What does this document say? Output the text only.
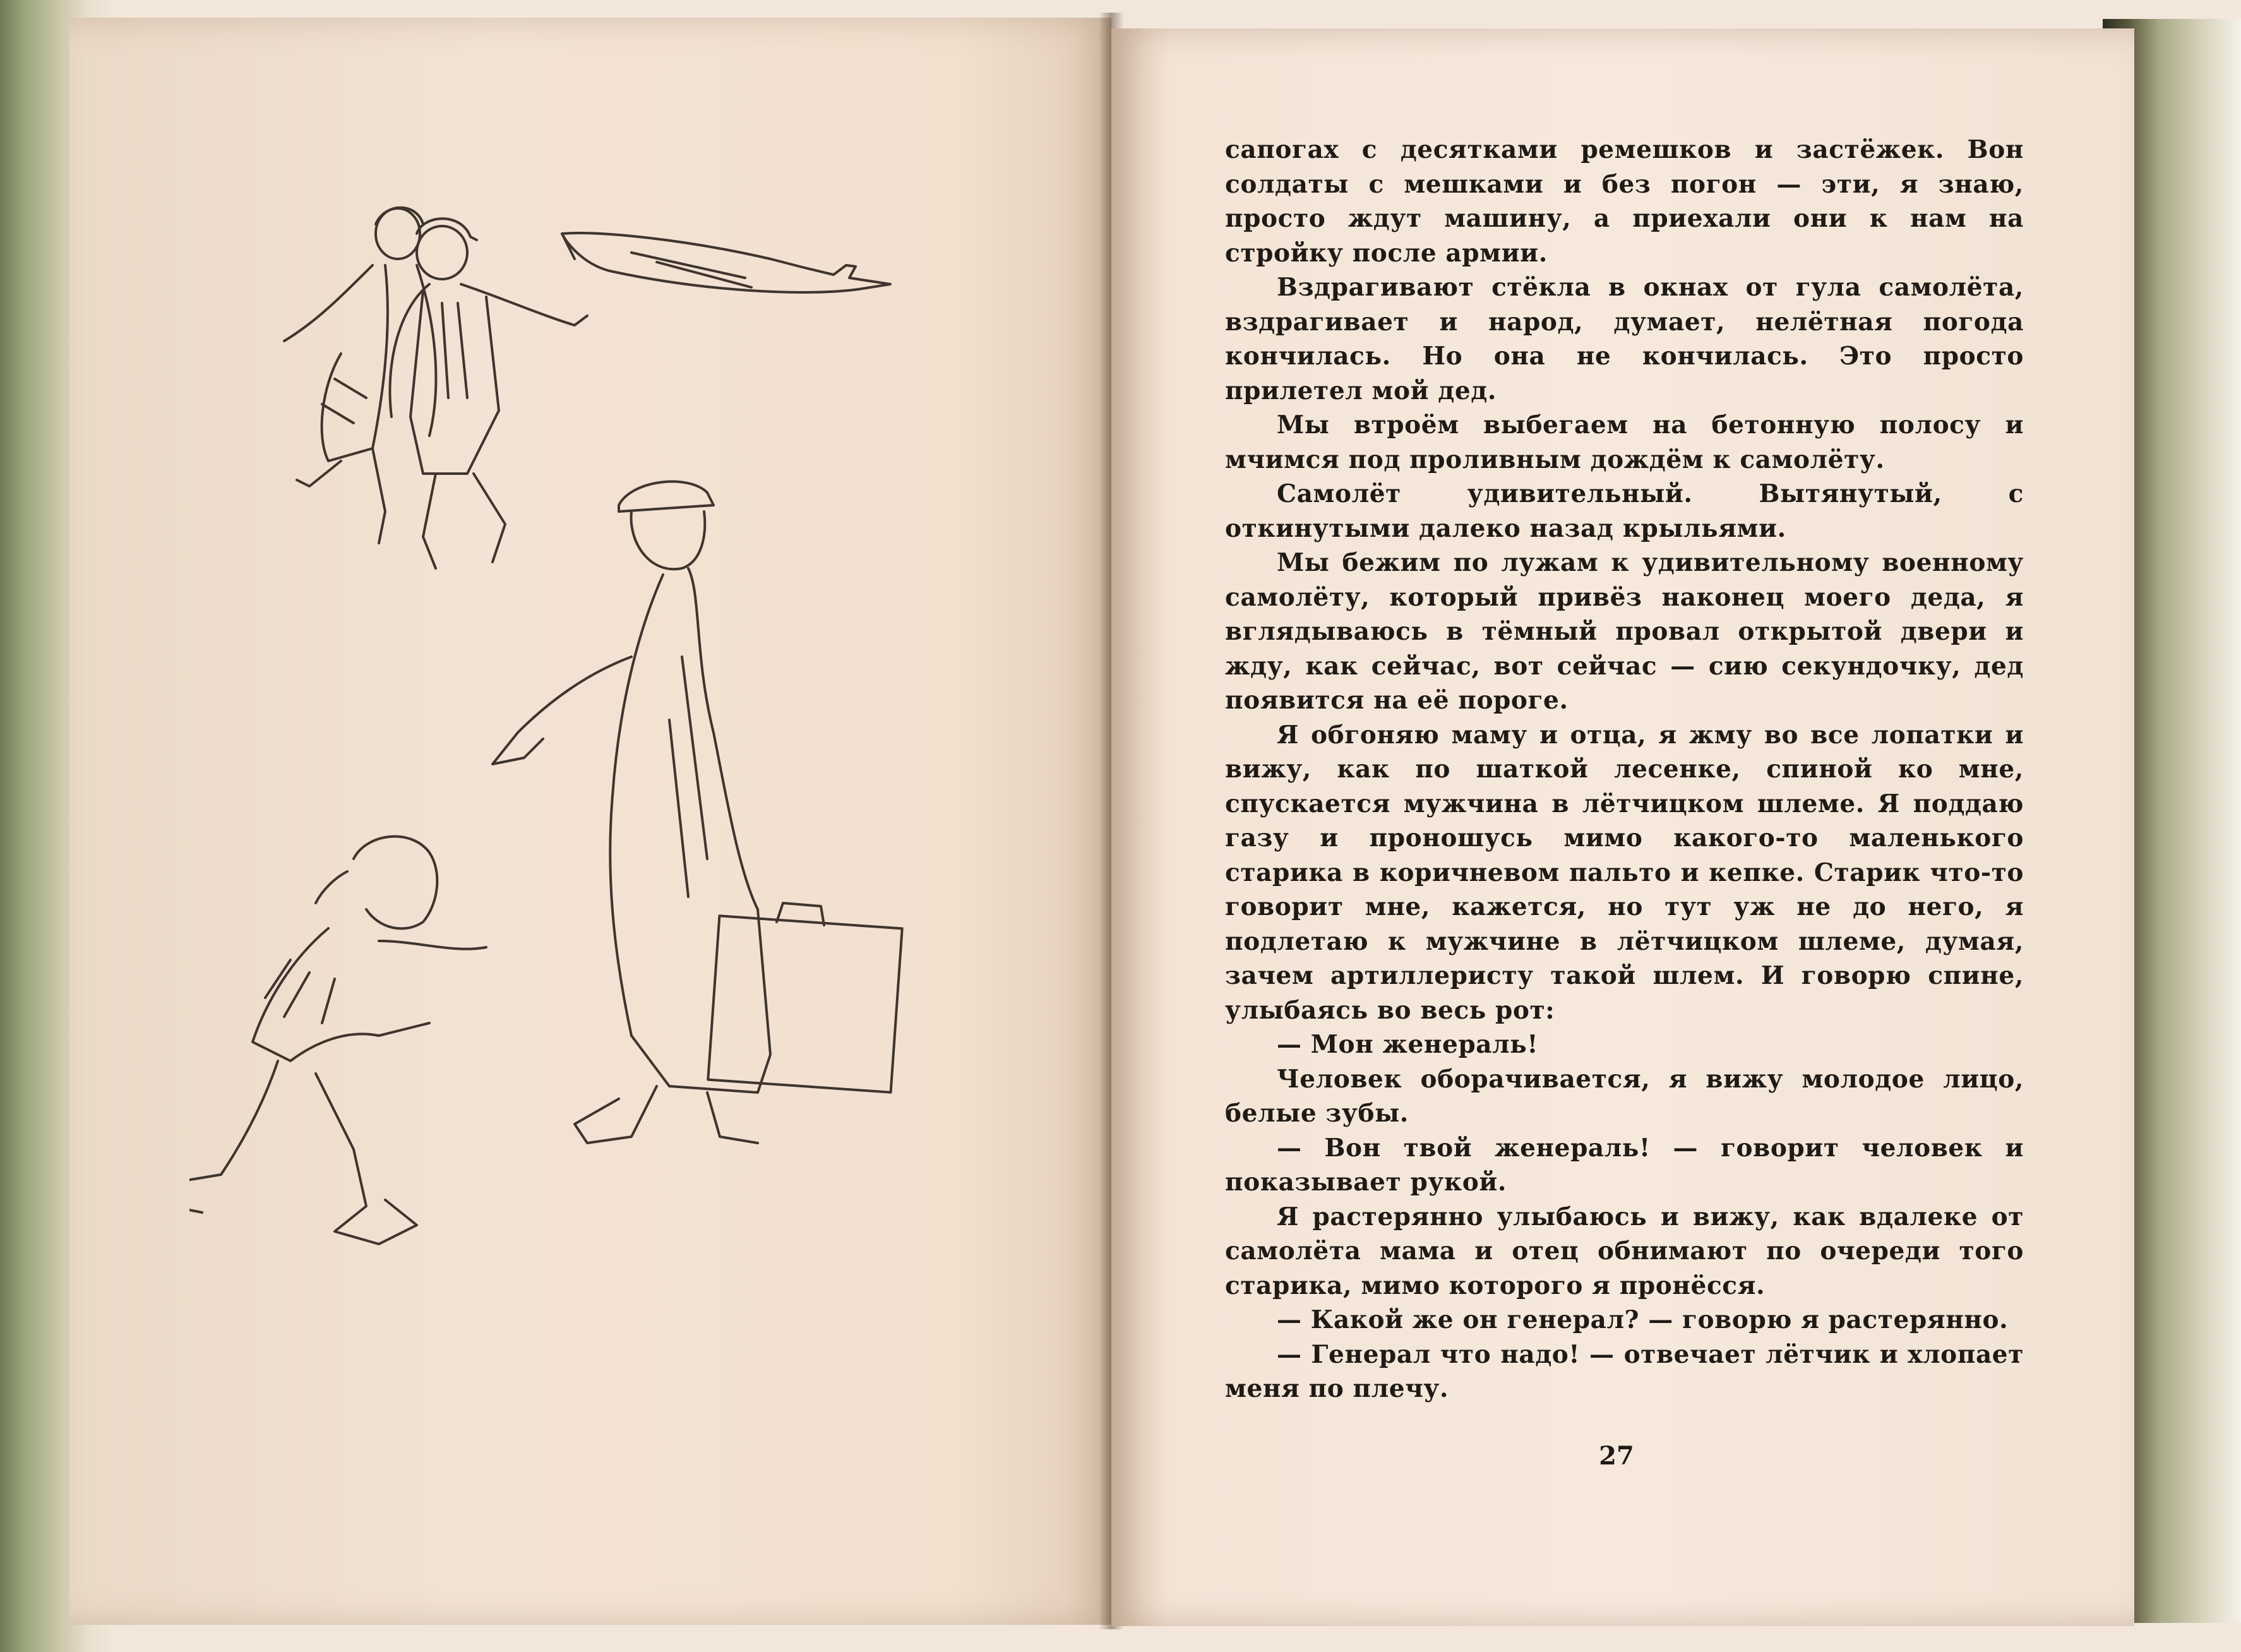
сапогах с десятками ремешков и застёжек. Вон солдаты с мешками и без погон — эти, я знаю, просто ждут машину, а приехали они к нам на стройку после армии.

Вздрагивают стёкла в окнах от гула самолёта, вздрагивает и народ, думает, нелётная погода кончилась. Но она не кончилась. Это просто прилетел мой дед.

Мы втроём выбегаем на бетонную полосу и мчимся под проливным дождём к самолёту.

Самолёт удивительный. Вытянутый, с откинутыми далеко назад крыльями.

Мы бежим по лужам к удивительному военному самолёту, который привёз наконец моего деда, я вглядываюсь в тёмный провал открытой двери и жду, как сейчас, вот сейчас — сию секундочку, дед появится на её пороге.

Я обгоняю маму и отца, я жму во все лопатки и вижу, как по шаткой лесенке, спиной ко мне, спускается мужчина в лётчицком шлеме. Я поддаю газу и проношусь мимо какого-то маленького старика в коричневом пальто и кепке. Старик что-то говорит мне, кажется, но тут уж не до него, я подлетаю к мужчине в лётчицком шлеме, думая, зачем артиллеристу такой шлем. И говорю спине, улыбаясь во весь рот:

— Мон женераль!

Человек оборачивается, я вижу молодое лицо, белые зубы.

— Вон твой женераль! — говорит человек и показывает рукой.

Я растерянно улыбаюсь и вижу, как вдалеке от самолёта мама и отец обнимают по очереди того старика, мимо которого я пронёсся.

— Какой же он генерал? — говорю я растерянно.

— Генерал что надо! — отвечает лётчик и хлопает меня по плечу.

27
